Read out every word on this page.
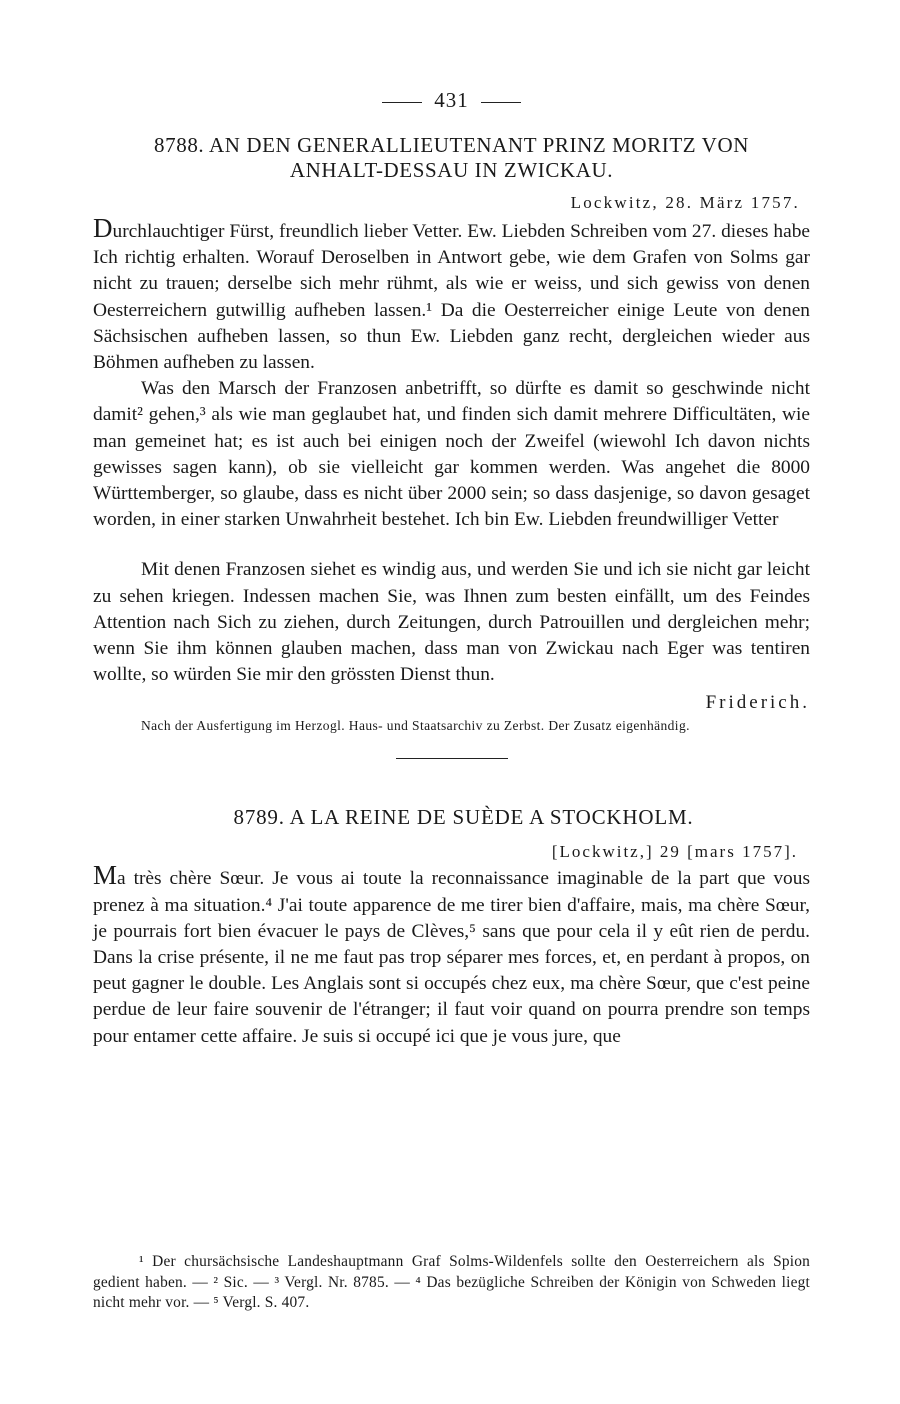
431
8788. AN DEN GENERALLIEUTENANT PRINZ MORITZ VON
ANHALT-DESSAU IN ZWICKAU.
Lockwitz, 28. März 1757.

Durchlauchtiger Fürst, freundlich lieber Vetter. Ew. Liebden Schreiben vom 27. dieses habe Ich richtig erhalten. Worauf Deroselben in Antwort gebe, wie dem Grafen von Solms gar nicht zu trauen; derselbe sich mehr rühmt, als wie er weiss, und sich gewiss von denen Oesterreichern gutwillig aufheben lassen.¹ Da die Oesterreicher einige Leute von denen Sächsischen aufheben lassen, so thun Ew. Liebden ganz recht, dergleichen wieder aus Böhmen aufheben zu lassen.

Was den Marsch der Franzosen anbetrifft, so dürfte es damit so geschwinde nicht damit² gehen,³ als wie man geglaubet hat, und finden sich damit mehrere Difficultäten, wie man gemeinet hat; es ist auch bei einigen noch der Zweifel (wiewohl Ich davon nichts gewisses sagen kann), ob sie vielleicht gar kommen werden. Was angehet die 8000 Württemberger, so glaube, dass es nicht über 2000 sein; so dass dasjenige, so davon gesaget worden, in einer starken Unwahrheit bestehet. Ich bin Ew. Liebden freundwilliger Vetter

Mit denen Franzosen siehet es windig aus, und werden Sie und ich sie nicht gar leicht zu sehen kriegen. Indessen machen Sie, was Ihnen zum besten einfällt, um des Feindes Attention nach Sich zu ziehen, durch Zeitungen, durch Patrouillen und dergleichen mehr; wenn Sie ihm können glauben machen, dass man von Zwickau nach Eger was tentiren wollte, so würden Sie mir den grössten Dienst thun.

Friderich.

Nach der Ausfertigung im Herzogl. Haus- und Staatsarchiv zu Zerbst. Der Zusatz eigenhändig.

8789. A LA REINE DE SUÈDE A STOCKHOLM.
[Lockwitz,] 29 [mars 1757].

Ma très chère Sœur. Je vous ai toute la reconnaissance imaginable de la part que vous prenez à ma situation.⁴ J'ai toute apparence de me tirer bien d'affaire, mais, ma chère Sœur, je pourrais fort bien évacuer le pays de Clèves,⁵ sans que pour cela il y eût rien de perdu. Dans la crise présente, il ne me faut pas trop séparer mes forces, et, en perdant à propos, on peut gagner le double. Les Anglais sont si occupés chez eux, ma chère Sœur, que c'est peine perdue de leur faire souvenir de l'étranger; il faut voir quand on pourra prendre son temps pour entamer cette affaire. Je suis si occupé ici que je vous jure, que

¹ Der chursächsische Landeshauptmann Graf Solms-Wildenfels sollte den Oesterreichern als Spion gedient haben. — ² Sic. — ³ Vergl. Nr. 8785. — ⁴ Das bezügliche Schreiben der Königin von Schweden liegt nicht mehr vor. — ⁵ Vergl. S. 407.
